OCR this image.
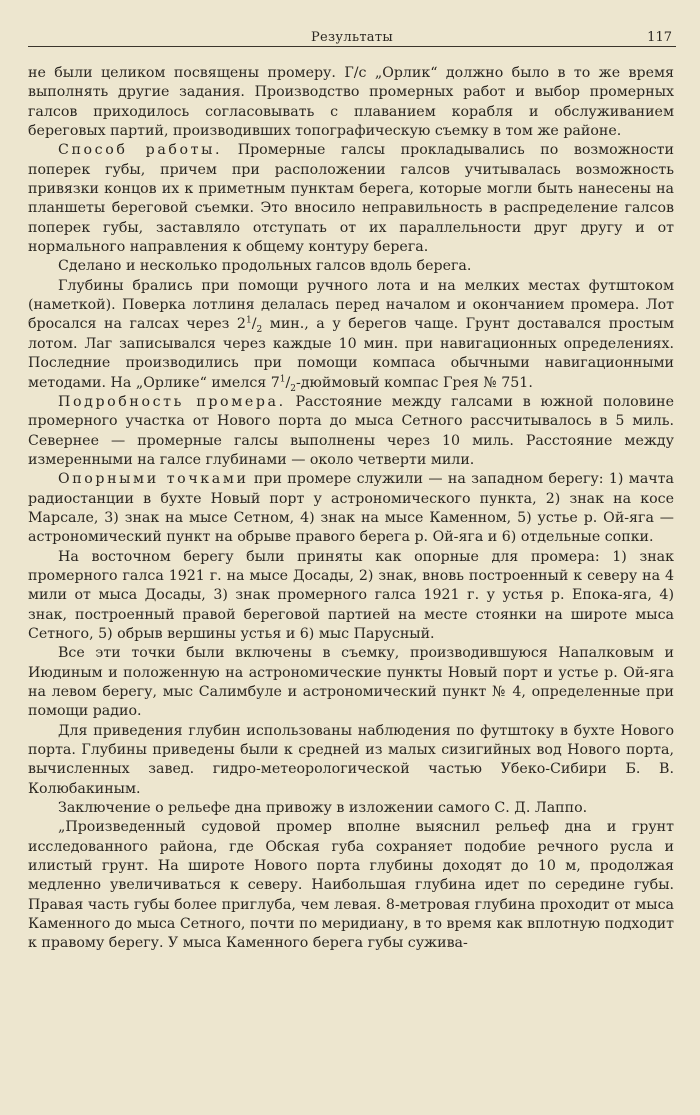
Результаты	117

не были целиком посвящены промеру. Г/с „Орлик“ должно было в то же время выполнять другие задания. Производство промерных работ и выбор промерных галсов приходилось согласовывать с плаванием корабля и обслуживанием береговых партий, производивших топографическую съемку в том же районе.

Способ работы. Промерные галсы прокладывались по возможности поперек губы, причем при расположении галсов учитывалась возможность привязки концов их к приметным пунктам берега, которые могли быть нанесены на планшеты береговой съемки. Это вносило неправильность в распределение галсов поперек губы, заставляло отступать от их параллельности друг другу и от нормального направления к общему контуру берега.

Сделано и несколько продольных галсов вдоль берега.

Глубины брались при помощи ручного лота и на мелких местах футштоком (наметкой). Поверка лотлиня делалась перед началом и окончанием промера. Лот бросался на галсах через $2^1/_2$ мин., а у берегов чаще. Грунт доставался простым лотом. Лаг записывался через каждые 10 мин. при навигационных определениях. Последние производились при помощи компаса обычными навигационными методами. На „Орлике“ имелся $7^1/_2$-дюймовый компас Грея № 751.

Подробность промера. Расстояние между галсами в южной половине промерного участка от Нового порта до мыса Сетного рассчитывалось в 5 миль. Севернее — промерные галсы выполнены через 10 миль. Расстояние между измеренными на галсе глубинами — около четверти мили.

Опорными точками при промере служили — на западном берегу: 1) мачта радиостанции в бухте Новый порт у астрономического пункта, 2) знак на косе Марсале, 3) знак на мысе Сетном, 4) знак на мысе Каменном, 5) устье р. Ой-яга — астрономический пункт на обрыве правого берега р. Ой-яга и 6) отдельные сопки.

На восточном берегу были приняты как опорные для промера: 1) знак промерного галса 1921 г. на мысе Досады, 2) знак, вновь построенный к северу на 4 мили от мыса Досады, 3) знак промерного галса 1921 г. у устья р. Епока-яга, 4) знак, построенный правой береговой партией на месте стоянки на широте мыса Сетного, 5) обрыв вершины устья и 6) мыс Парусный.

Все эти точки были включены в съемку, производившуюся Напалковым и Июдиным и положенную на астрономические пункты Новый порт и устье р. Ой-яга на левом берегу, мыс Салимбуле и астрономический пункт № 4, определенные при помощи радио.

Для приведения глубин использованы наблюдения по футштоку в бухте Нового порта. Глубины приведены были к средней из малых сизигийных вод Нового порта, вычисленных завед. гидро-метеорологической частью Убеко-Сибири Б. В. Колюбакиным.

Заключение о рельефе дна привожу в изложении самого С. Д. Лаппо.

„Произведенный судовой промер вполне выяснил рельеф дна и грунт исследованного района, где Обская губа сохраняет подобие речного русла и илистый грунт. На широте Нового порта глубины доходят до 10 м, продолжая медленно увеличиваться к северу. Наибольшая глубина идет по середине губы. Правая часть губы более приглуба, чем левая. 8-метровая глубина проходит от мыса Каменного до мыса Сетного, почти по меридиану, в то время как вплотную подходит к правому берегу. У мыса Каменного берега губы сужива-
